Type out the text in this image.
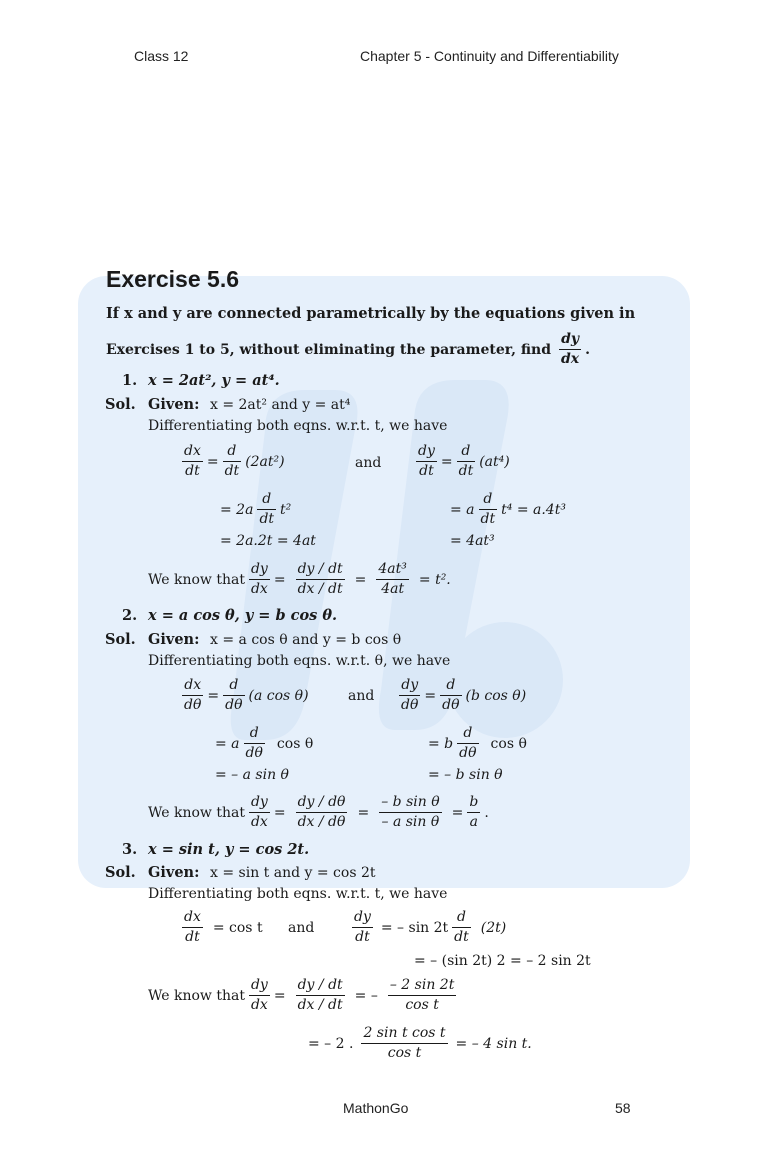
Class 12	Chapter 5 - Continuity and Differentiability
Exercise 5.6
If x and y are connected parametrically by the equations given in
Exercises 1 to 5, without eliminating the parameter, find $\frac{dy}{dx}$ .
1. x = 2at², y = at⁴.
Sol. Given: x = 2at² and y = at⁴
Differentiating both eqns. w.r.t. t, we have
$\frac{dx}{dt} = \frac{d}{dt} (2at^2)$	and $\frac{dy}{dt} = \frac{d}{dt} (at^4)$
= $2a \frac{d}{dt} t^2$	= a $\frac{d}{dt} t^4 = a.4t^3$
= 2a.2t = 4at	= 4at³
We know that $\frac{dy}{dx} = \frac{dy / dt}{dx / dt} = \frac{\text{4at³}}{4at} = t^2$.
2. x = a cos θ, y = b cos θ.
Sol. Given: x = a cos θ and y = b cos θ
Differentiating both eqns. w.r.t. θ, we have
$\frac{dx}{d\theta} = \frac{d}{d\theta} (a$ cos θ)	and $\frac{dy}{d\theta} = \frac{d}{d\theta} (b$ cos θ)
= a $\frac{d}{d\theta}$ cos θ	= b $\frac{d}{d\theta}$ cos θ
= – a sin θ	= – b sin θ
We know that $\frac{dy}{dx} = \frac{dy / d\theta}{dx / d\theta} = \frac{\text{– b sin θ}}{\text{– a sin θ}} = \frac{b}{a}$ .
3. x = sin t, y = cos 2t.
Sol. Given: x = sin t and y = cos 2t
Differentiating both eqns. w.r.t. t, we have
$\frac{dx}{dt} = \cos t$ and	$\frac{dy}{dt}$ = – $\sin 2t \frac{d}{dt} (2t)$
= – (sin 2t) 2 = – 2 sin 2t
We know that $\frac{dy}{dx} = \frac{dy / dt}{dx / dt}$ = – $\frac{- 2 \sin 2t}{\text{cos t}}$
= – 2 . $\frac{\text{2 sin t cos t}}{\text{cos t}}$ = – 4 sin t.
MathonGo	58
